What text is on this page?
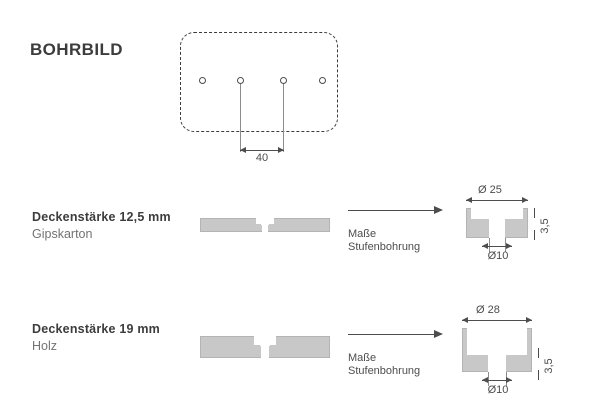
BOHRBILD
40
Deckenstärke 12,5 mm
Gipskarton	Maße
Stufenbohrung
Ø 25
3,5
Ø10
Deckenstärke 19 mm
Holz
Maße
Stufenbohrung
Ø 28
3,5
Ø10
